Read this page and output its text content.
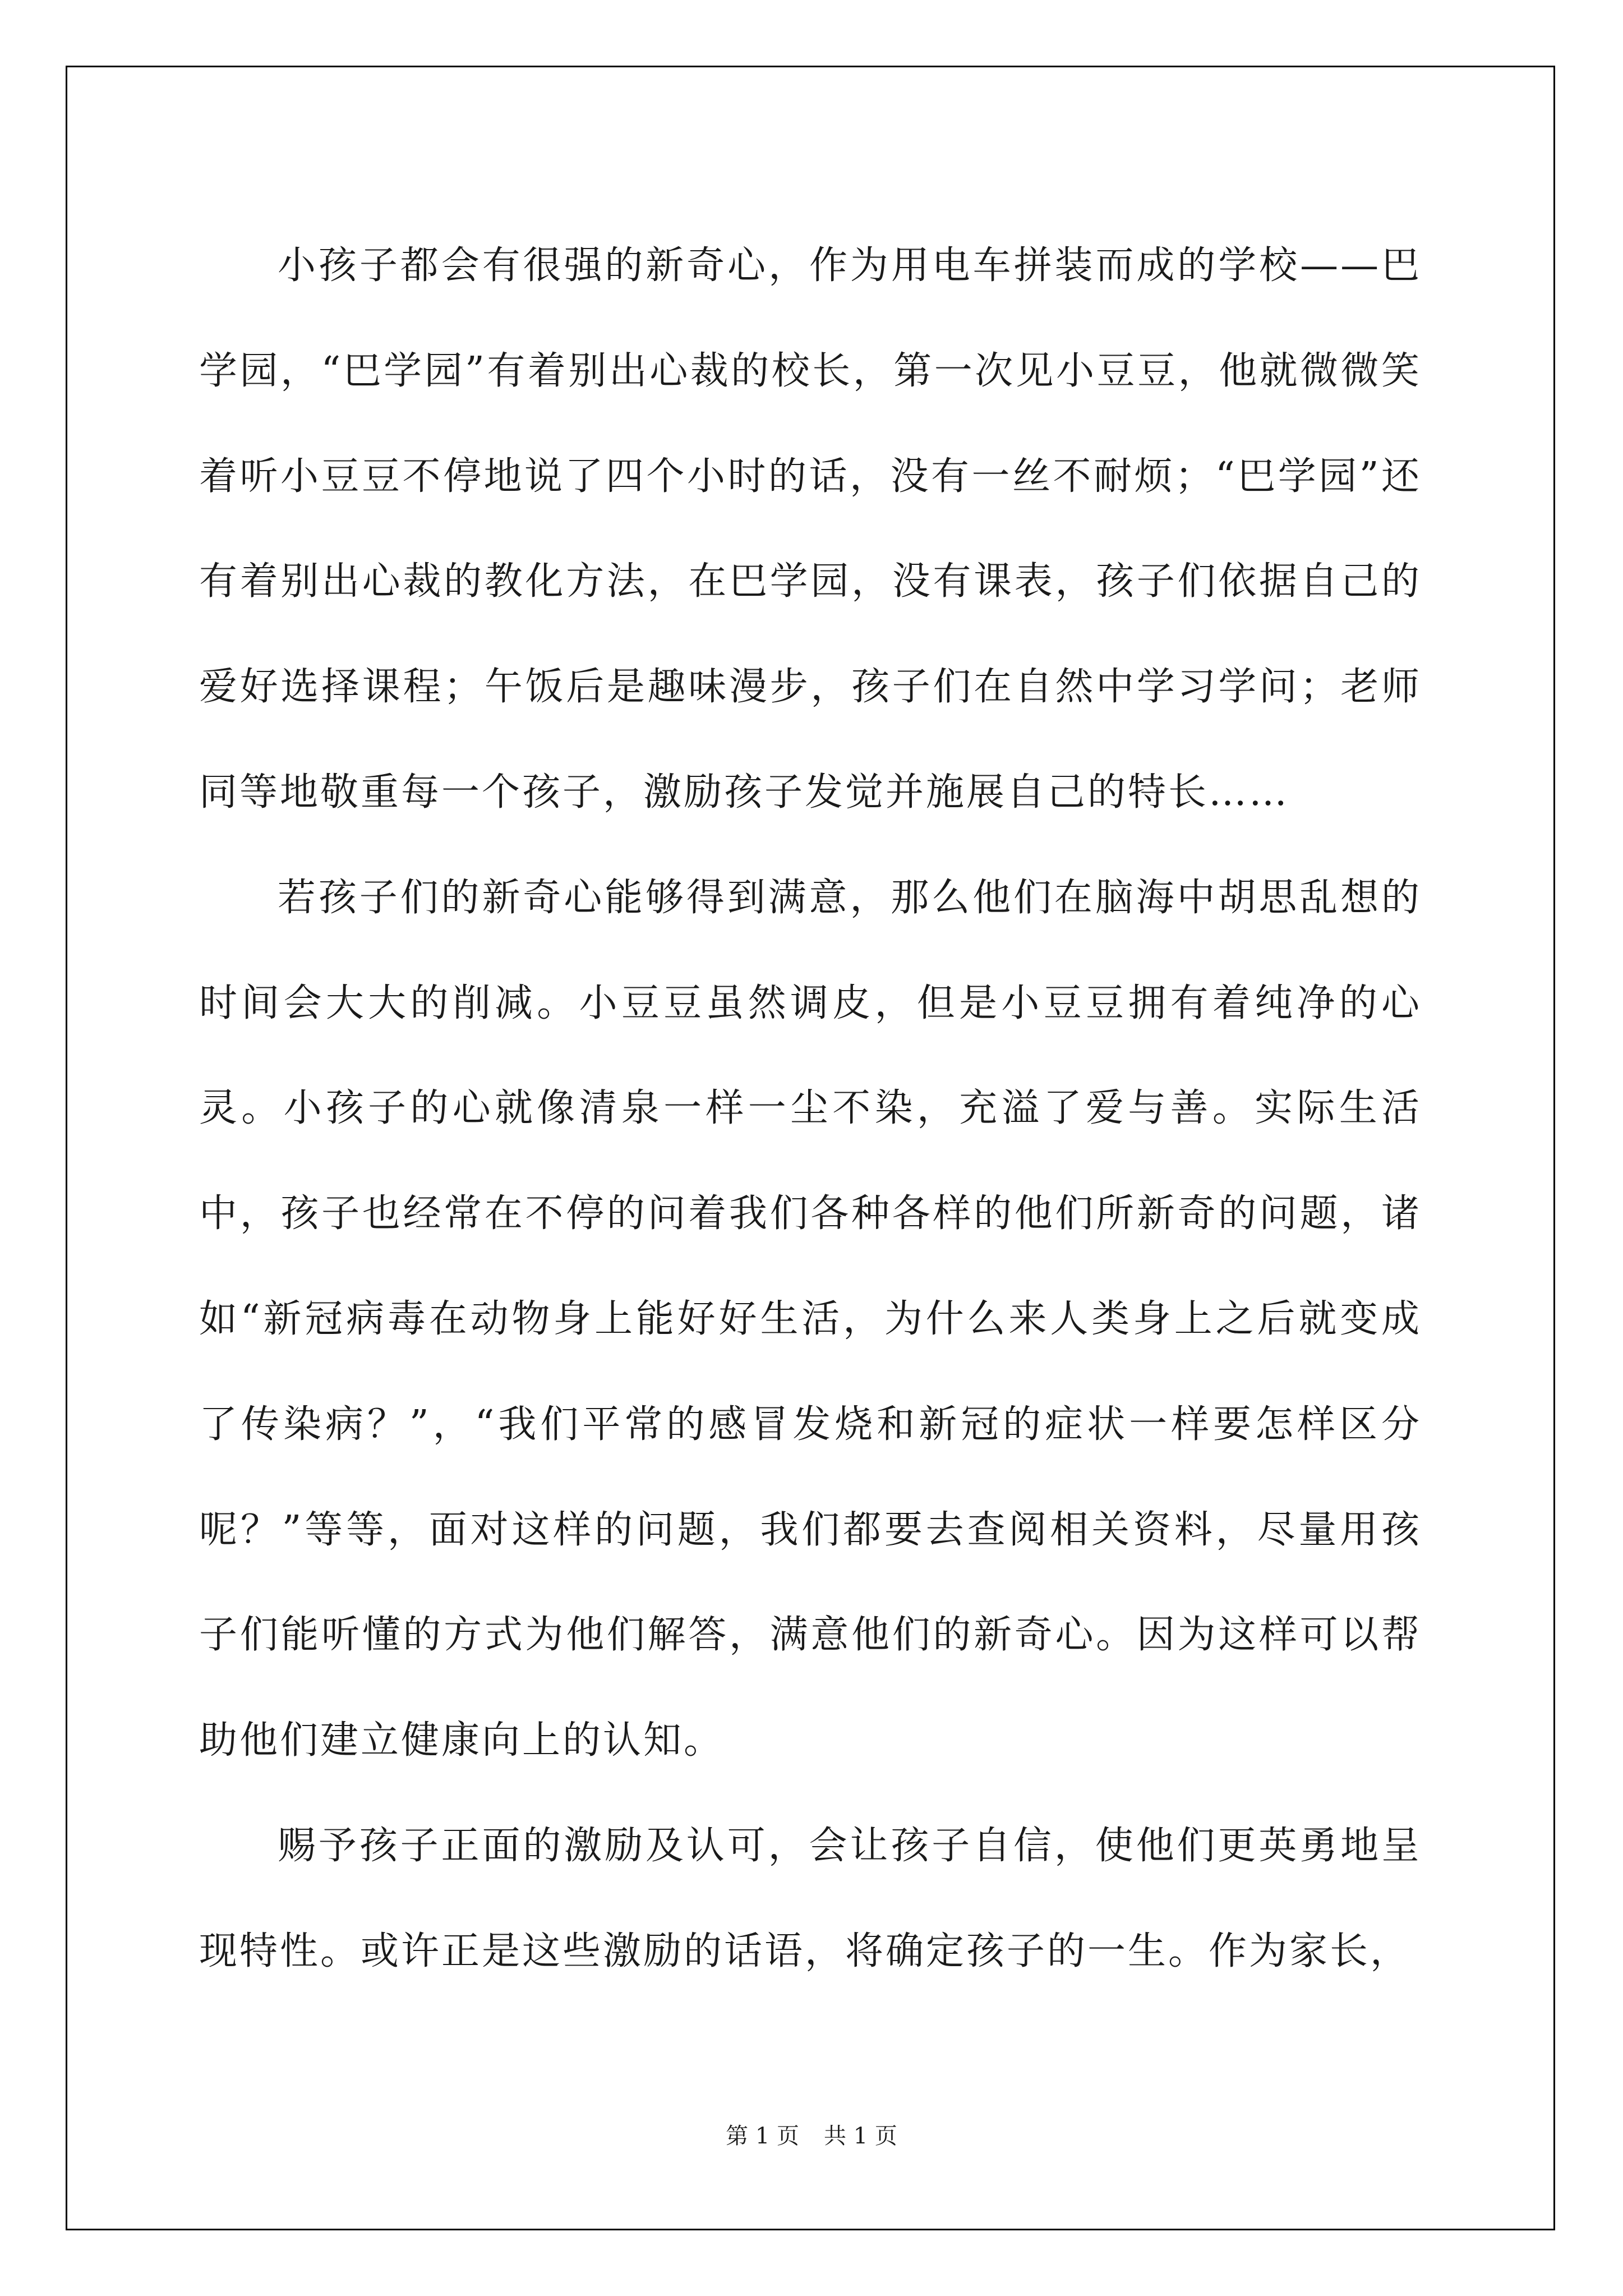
小孩子都会有很强的新奇心，作为用电车拼装而成的学校——巴学园，“巴学园”有着别出心裁的校长，第一次见小豆豆，他就微微笑着听小豆豆不停地说了四个小时的话，没有一丝不耐烦；“巴学园”还有着别出心裁的教化方法，在巴学园，没有课表，孩子们依据自己的爱好选择课程；午饭后是趣味漫步，孩子们在自然中学习学问；老师同等地敬重每一个孩子，激励孩子发觉并施展自己的特长……

若孩子们的新奇心能够得到满意，那么他们在脑海中胡思乱想的时间会大大的削减。小豆豆虽然调皮，但是小豆豆拥有着纯净的心灵。小孩子的心就像清泉一样一尘不染，充溢了爱与善。实际生活中，孩子也经常在不停的问着我们各种各样的他们所新奇的问题，诸如“新冠病毒在动物身上能好好生活，为什么来人类身上之后就变成了传染病？”，“我们平常的感冒发烧和新冠的症状一样要怎样区分呢？”等等，面对这样的问题，我们都要去查阅相关资料，尽量用孩子们能听懂的方式为他们解答，满意他们的新奇心。因为这样可以帮助他们建立健康向上的认知。

赐予孩子正面的激励及认可，会让孩子自信，使他们更英勇地呈现特性。或许正是这些激励的话语，将确定孩子的一生。作为家长，

第 1 页 共 1 页
